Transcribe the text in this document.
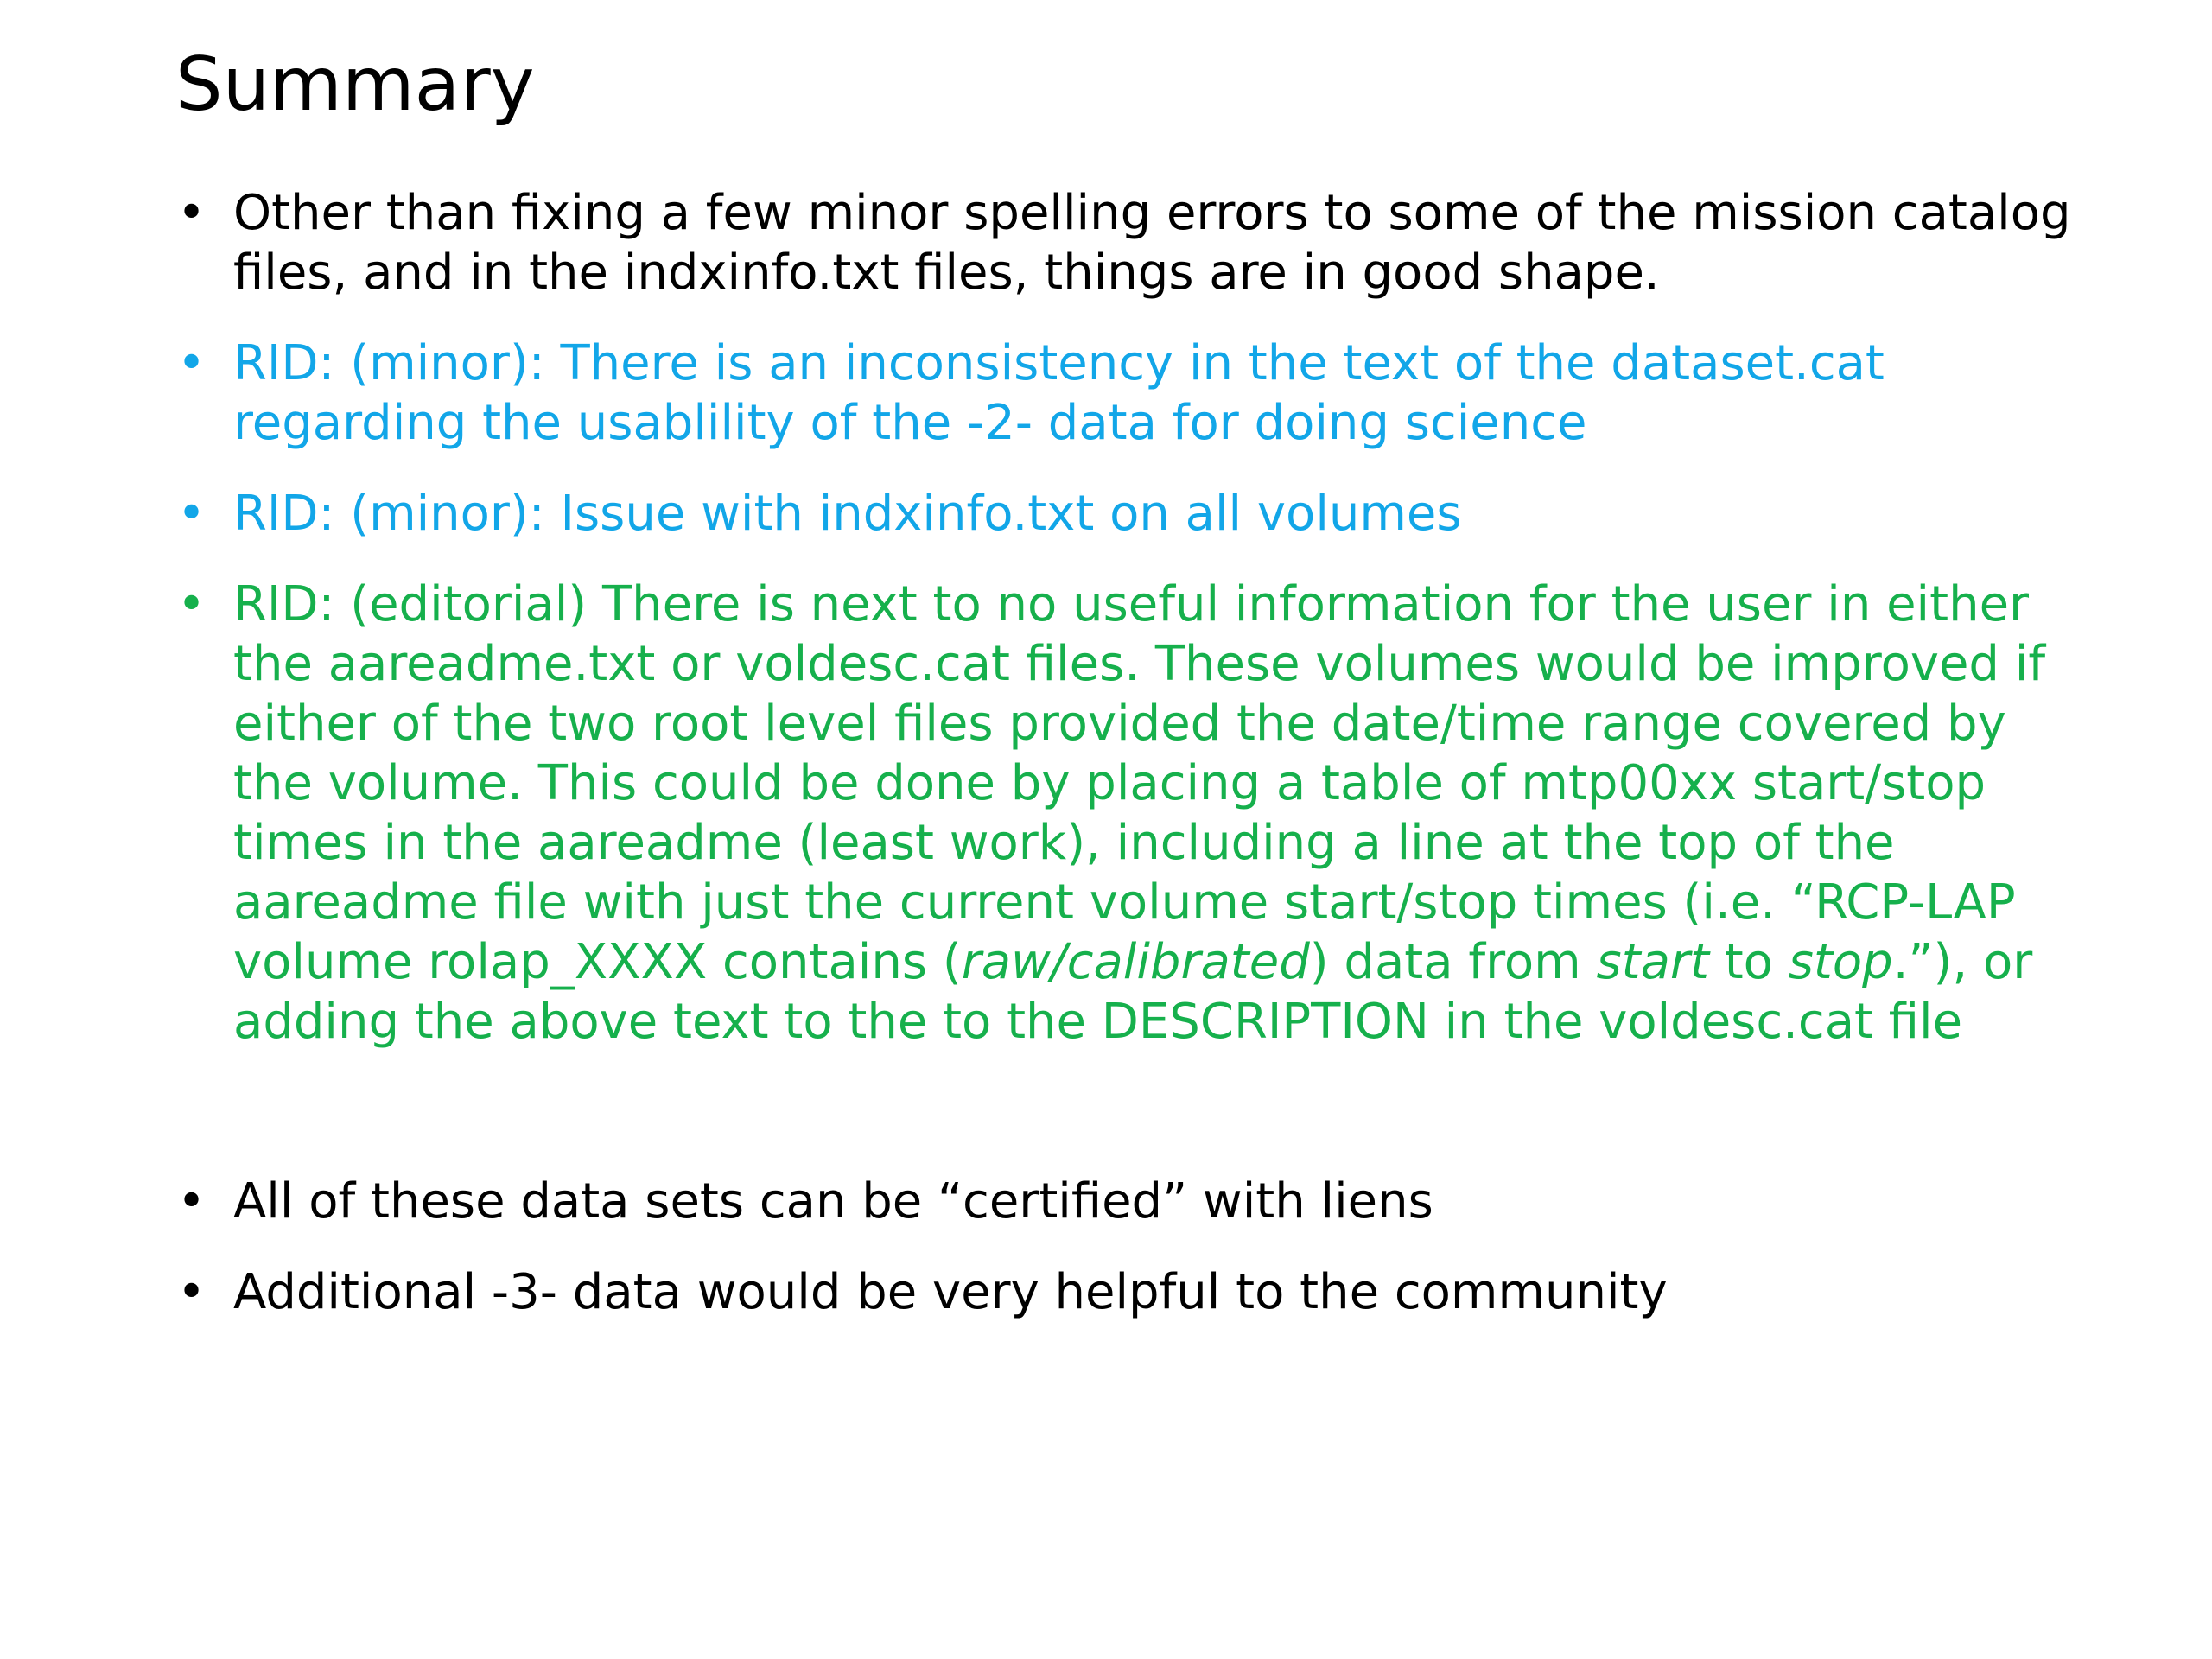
Summary
• Other than fixing a few minor spelling errors to some of the mission catalog files, and in the indxinfo.txt files, things are in good shape.
• RID: (minor): There is an inconsistency in the text of the dataset.cat regarding the usablility of the -2- data for doing science
• RID: (minor): Issue with indxinfo.txt on all volumes
• RID: (editorial) There is next to no useful information for the user in either the aareadme.txt or voldesc.cat files. These volumes would be improved if either of the two root level files provided the date/time range covered by the volume. This could be done by placing a table of mtp00xx start/stop times in the aareadme (least work), including a line at the top of the aareadme file with just the current volume start/stop times (i.e. “RCP-LAP volume rolap_XXXX contains (raw/calibrated) data from start to stop.”), or adding the above text to the to the DESCRIPTION in the voldesc.cat file
• All of these data sets can be “certified” with liens
• Additional -3- data would be very helpful to the community
